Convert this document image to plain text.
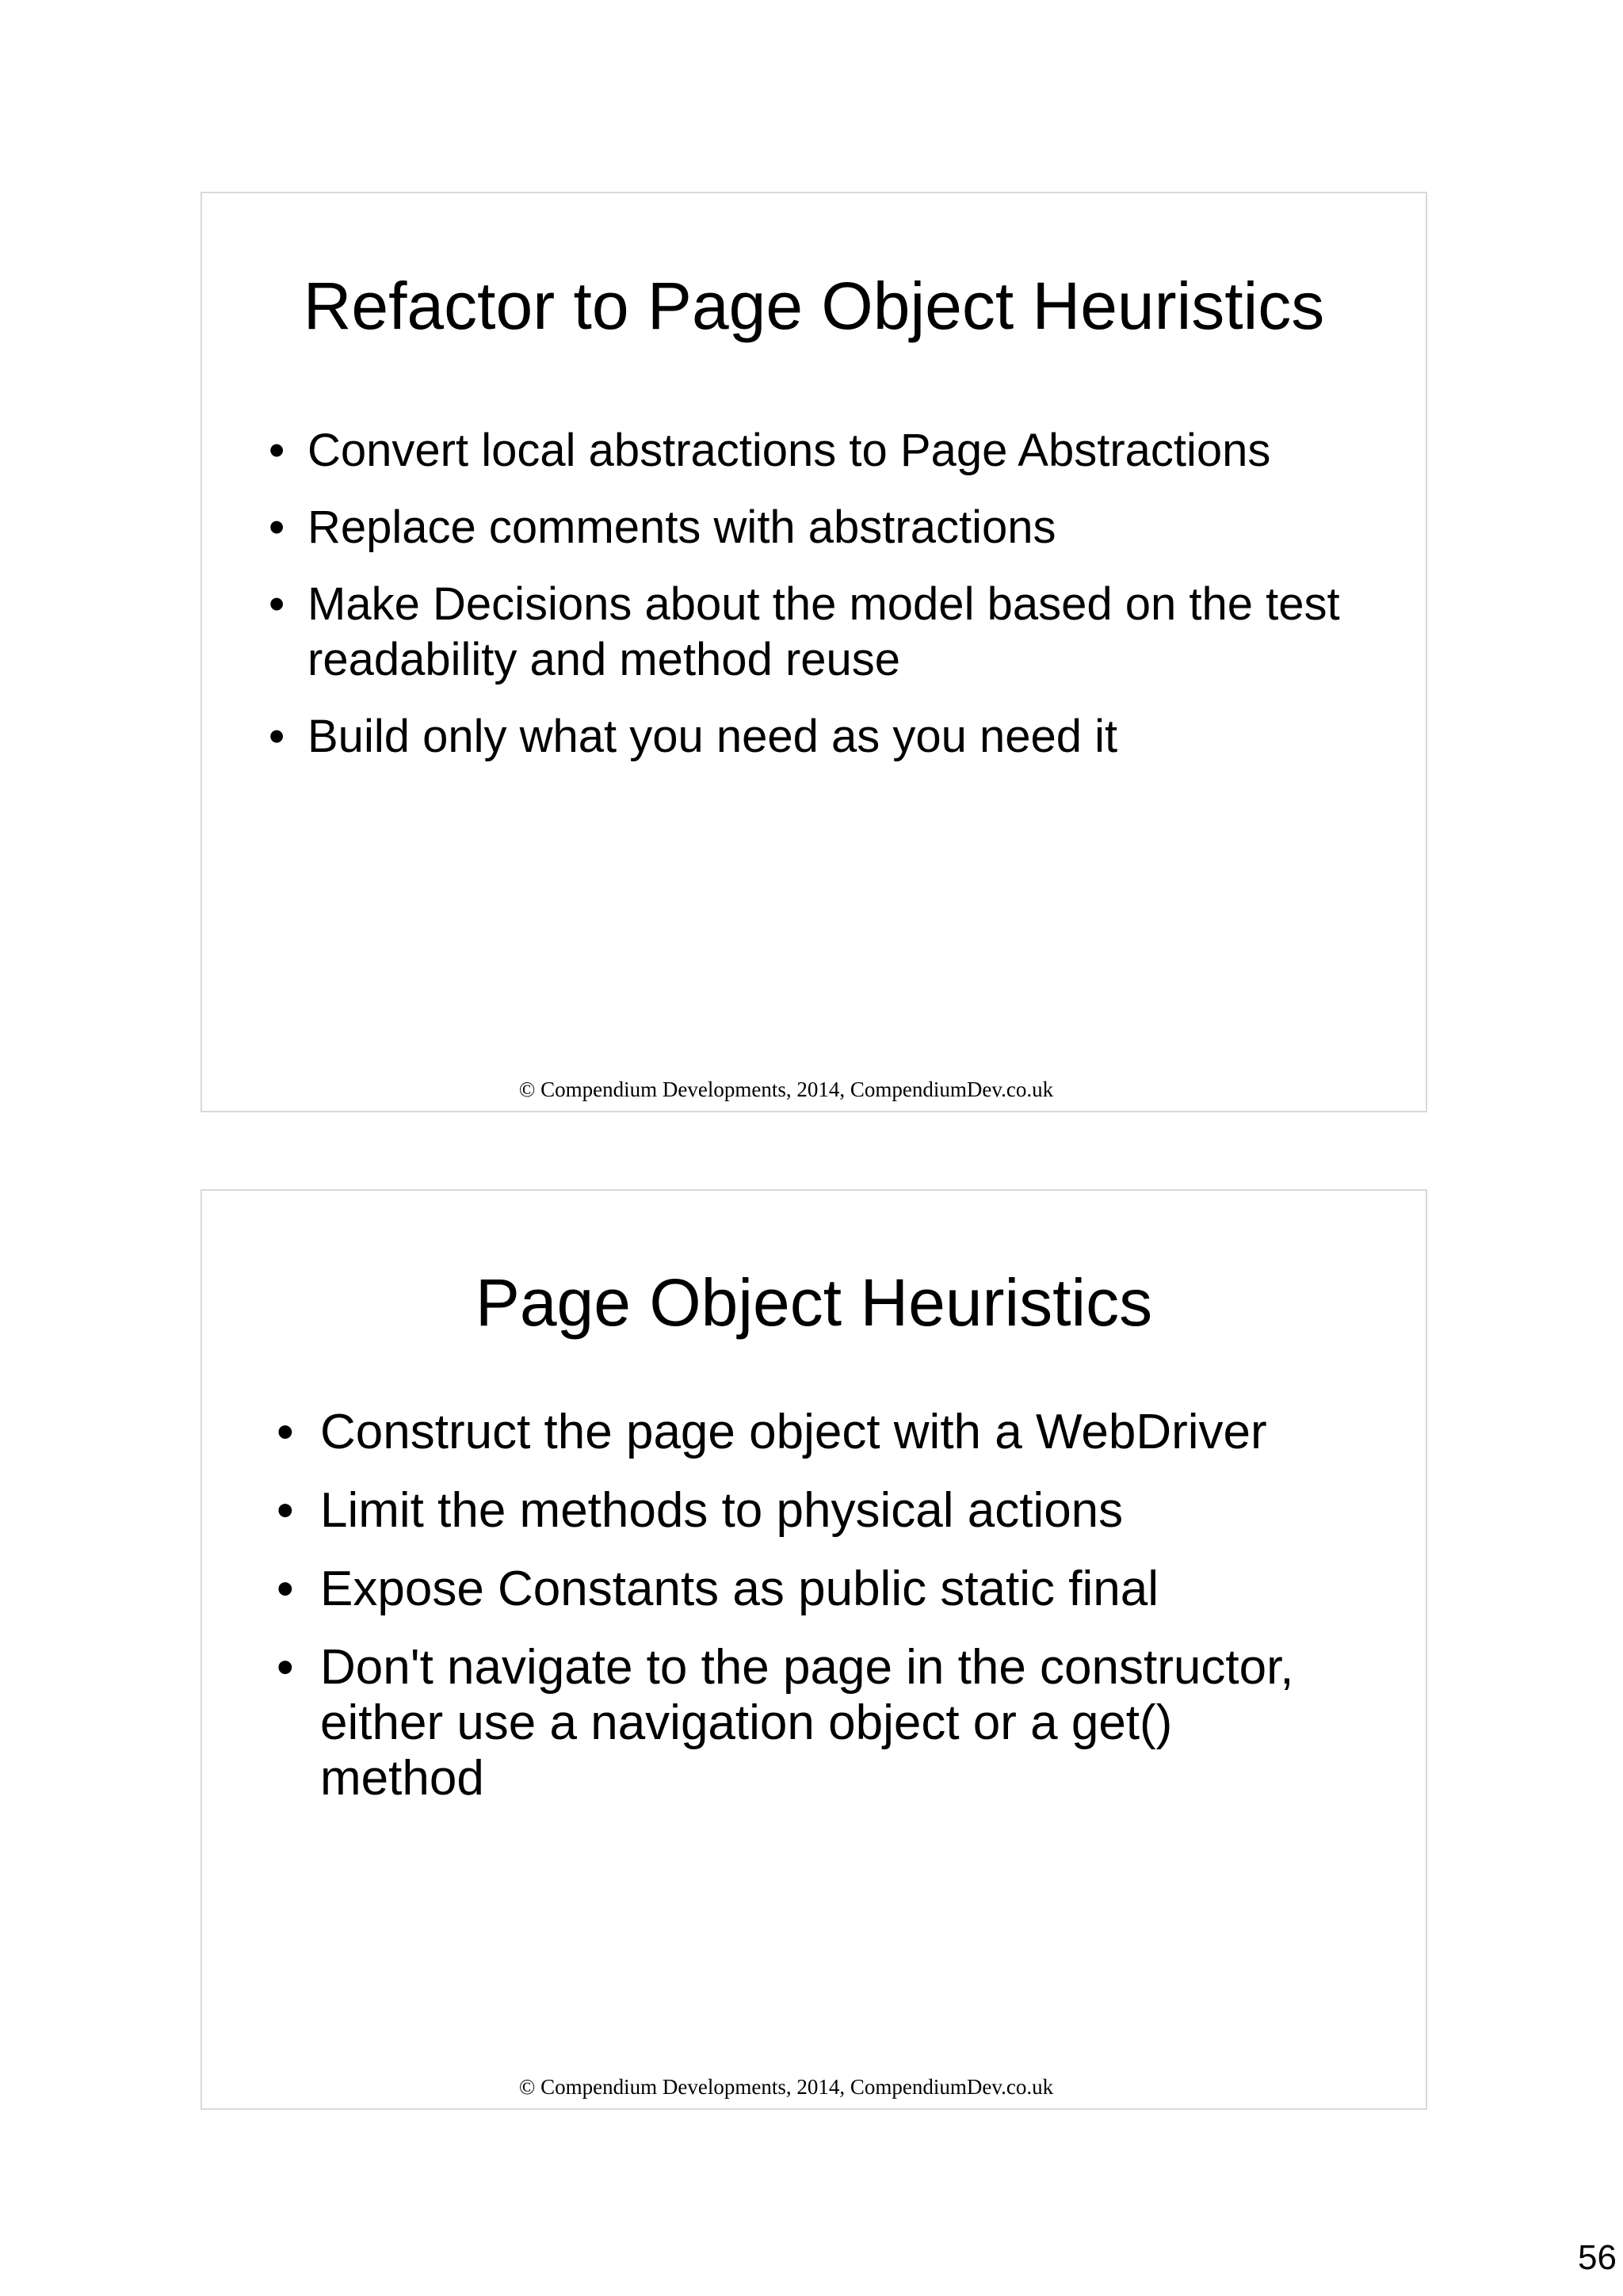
Refactor to Page Object Heuristics
• Convert local abstractions to Page Abstractions
• Replace comments with abstractions
• Make Decisions about the model based on the test readability and method reuse
• Build only what you need as you need it
© Compendium Developments, 2014, CompendiumDev.co.uk
Page Object Heuristics
• Construct the page object with a WebDriver
• Limit the methods to physical actions
• Expose Constants as public static final
• Don't navigate to the page in the constructor, either use a navigation object or a get() method
© Compendium Developments, 2014, CompendiumDev.co.uk
56
